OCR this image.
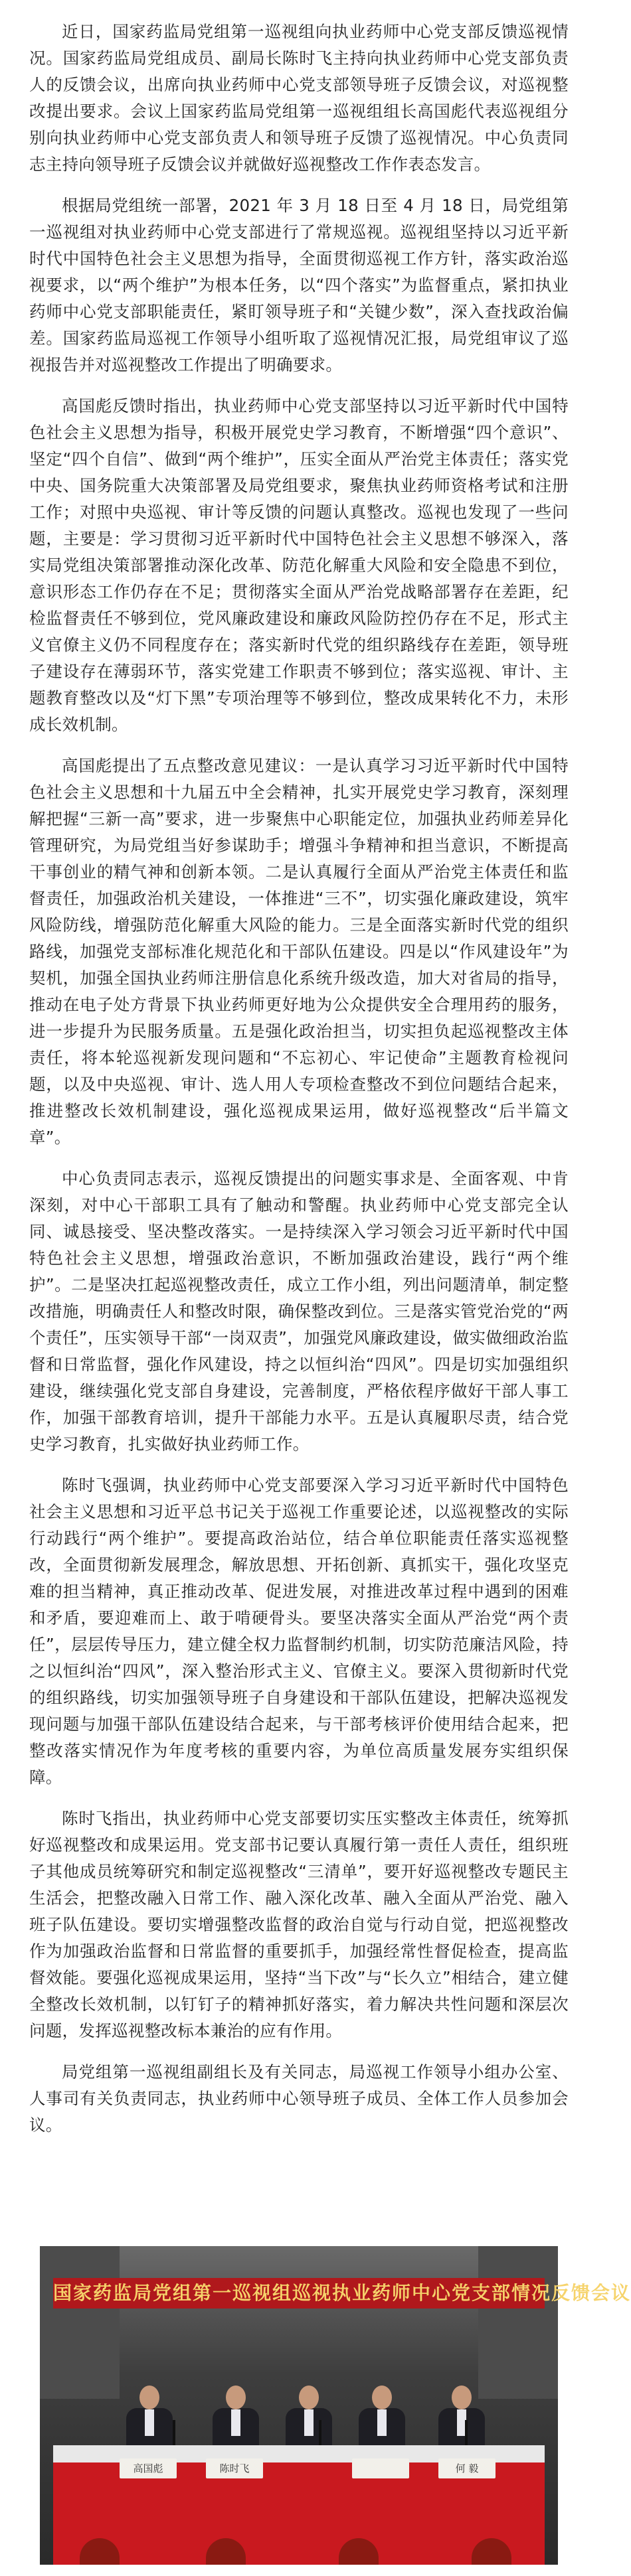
近日，国家药监局党组第一巡视组向执业药师中心党支部反馈巡视情况。国家药监局党组成员、副局长陈时飞主持向执业药师中心党支部负责人的反馈会议，出席向执业药师中心党支部领导班子反馈会议，对巡视整改提出要求。会议上国家药监局党组第一巡视组组长高国彪代表巡视组分别向执业药师中心党支部负责人和领导班子反馈了巡视情况。中心负责同志主持向领导班子反馈会议并就做好巡视整改工作作表态发言。

根据局党组统一部署，2021 年 3 月 18 日至 4 月 18 日，局党组第一巡视组对执业药师中心党支部进行了常规巡视。巡视组坚持以习近平新时代中国特色社会主义思想为指导，全面贯彻巡视工作方针，落实政治巡视要求，以“两个维护”为根本任务，以“四个落实”为监督重点，紧扣执业药师中心党支部职能责任，紧盯领导班子和“关键少数”，深入查找政治偏差。国家药监局巡视工作领导小组听取了巡视情况汇报，局党组审议了巡视报告并对巡视整改工作提出了明确要求。

高国彪反馈时指出，执业药师中心党支部坚持以习近平新时代中国特色社会主义思想为指导，积极开展党史学习教育，不断增强“四个意识”、坚定“四个自信”、做到“两个维护”，压实全面从严治党主体责任；落实党中央、国务院重大决策部署及局党组要求，聚焦执业药师资格考试和注册工作；对照中央巡视、审计等反馈的问题认真整改。巡视也发现了一些问题，主要是：学习贯彻习近平新时代中国特色社会主义思想不够深入，落实局党组决策部署推动深化改革、防范化解重大风险和安全隐患不到位，意识形态工作仍存在不足；贯彻落实全面从严治党战略部署存在差距，纪检监督责任不够到位，党风廉政建设和廉政风险防控仍存在不足，形式主义官僚主义仍不同程度存在；落实新时代党的组织路线存在差距，领导班子建设存在薄弱环节，落实党建工作职责不够到位；落实巡视、审计、主题教育整改以及“灯下黑”专项治理等不够到位，整改成果转化不力，未形成长效机制。

高国彪提出了五点整改意见建议：一是认真学习习近平新时代中国特色社会主义思想和十九届五中全会精神，扎实开展党史学习教育，深刻理解把握“三新一高”要求，进一步聚焦中心职能定位，加强执业药师差异化管理研究，为局党组当好参谋助手；增强斗争精神和担当意识，不断提高干事创业的精气神和创新本领。二是认真履行全面从严治党主体责任和监督责任，加强政治机关建设，一体推进“三不”，切实强化廉政建设，筑牢风险防线，增强防范化解重大风险的能力。三是全面落实新时代党的组织路线，加强党支部标准化规范化和干部队伍建设。四是以“作风建设年”为契机，加强全国执业药师注册信息化系统升级改造，加大对省局的指导，推动在电子处方背景下执业药师更好地为公众提供安全合理用药的服务，进一步提升为民服务质量。五是强化政治担当，切实担负起巡视整改主体责任，将本轮巡视新发现问题和“不忘初心、牢记使命”主题教育检视问题，以及中央巡视、审计、选人用人专项检查整改不到位问题结合起来，推进整改长效机制建设，强化巡视成果运用，做好巡视整改“后半篇文章”。

中心负责同志表示，巡视反馈提出的问题实事求是、全面客观、中肯深刻，对中心干部职工具有了触动和警醒。执业药师中心党支部完全认同、诚恳接受、坚决整改落实。一是持续深入学习领会习近平新时代中国特色社会主义思想，增强政治意识，不断加强政治建设，践行“两个维护”。二是坚决扛起巡视整改责任，成立工作小组，列出问题清单，制定整改措施，明确责任人和整改时限，确保整改到位。三是落实管党治党的“两个责任”，压实领导干部“一岗双责”，加强党风廉政建设，做实做细政治监督和日常监督，强化作风建设，持之以恒纠治“四风”。四是切实加强组织建设，继续强化党支部自身建设，完善制度，严格依程序做好干部人事工作，加强干部教育培训，提升干部能力水平。五是认真履职尽责，结合党史学习教育，扎实做好执业药师工作。

陈时飞强调，执业药师中心党支部要深入学习习近平新时代中国特色社会主义思想和习近平总书记关于巡视工作重要论述，以巡视整改的实际行动践行“两个维护”。要提高政治站位，结合单位职能责任落实巡视整改，全面贯彻新发展理念，解放思想、开拓创新、真抓实干，强化攻坚克难的担当精神，真正推动改革、促进发展，对推进改革过程中遇到的困难和矛盾，要迎难而上、敢于啃硬骨头。要坚决落实全面从严治党“两个责任”，层层传导压力，建立健全权力监督制约机制，切实防范廉洁风险，持之以恒纠治“四风”，深入整治形式主义、官僚主义。要深入贯彻新时代党的组织路线，切实加强领导班子自身建设和干部队伍建设，把解决巡视发现问题与加强干部队伍建设结合起来，与干部考核评价使用结合起来，把整改落实情况作为年度考核的重要内容，为单位高质量发展夯实组织保障。

陈时飞指出，执业药师中心党支部要切实压实整改主体责任，统筹抓好巡视整改和成果运用。党支部书记要认真履行第一责任人责任，组织班子其他成员统筹研究和制定巡视整改“三清单”，要开好巡视整改专题民主生活会，把整改融入日常工作、融入深化改革、融入全面从严治党、融入班子队伍建设。要切实增强整改监督的政治自觉与行动自觉，把巡视整改作为加强政治监督和日常监督的重要抓手，加强经常性督促检查，提高监督效能。要强化巡视成果运用，坚持“当下改”与“长久立”相结合，建立健全整改长效机制，以钉钉子的精神抓好落实，着力解决共性问题和深层次问题，发挥巡视整改标本兼治的应有作用。

局党组第一巡视组副组长及有关同志，局巡视工作领导小组办公室、人事司有关负责同志，执业药师中心领导班子成员、全体工作人员参加会议。

国家药监局党组第一巡视组巡视执业药师中心党支部情况反馈会议
高国彪	陈时飞	何 毅
